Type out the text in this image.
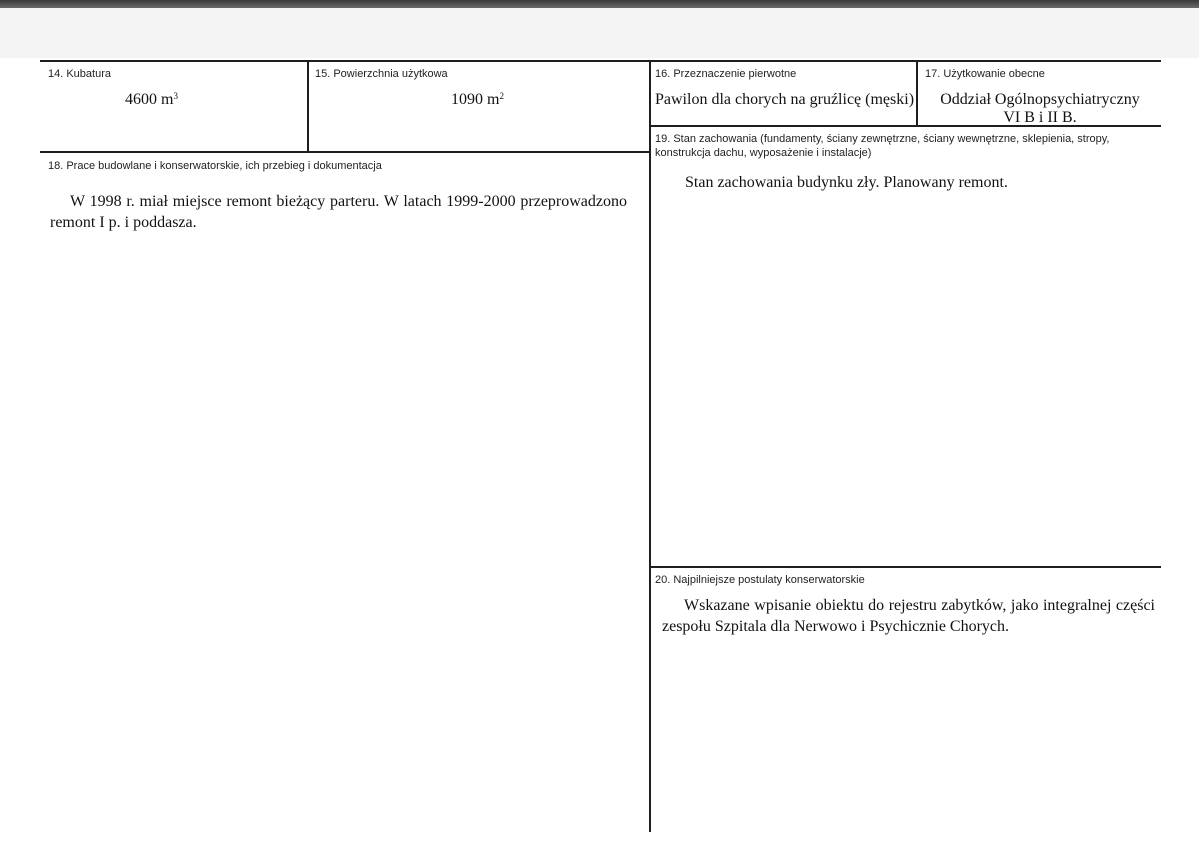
14. Kubatura
4600 $m^3$
15. Powierzchnia użytkowa
1090 $m^2$
16. Przeznaczenie pierwotne
Pawilon dla chorych na gruźlicę (męski)
17. Użytkowanie obecne
Oddział Ogólnopsychiatryczny
VI B i II B.
19. Stan zachowania (fundamenty, ściany zewnętrzne, ściany wewnętrzne, sklepienia, stropy, konstrukcja dachu, wyposażenie i instalacje)
Stan zachowania budynku zły. Planowany remont.
18. Prace budowlane i konserwatorskie, ich przebieg i dokumentacja
W 1998 r. miał miejsce remont bieżący parteru. W latach 1999-2000 przeprowadzono remont I p. i poddasza.
20. Najpilniejsze postulaty konserwatorskie
Wskazane wpisanie obiektu do rejestru zabytków, jako integralnej części zespołu Szpitala dla Nerwowo i Psychicznie Chorych.
